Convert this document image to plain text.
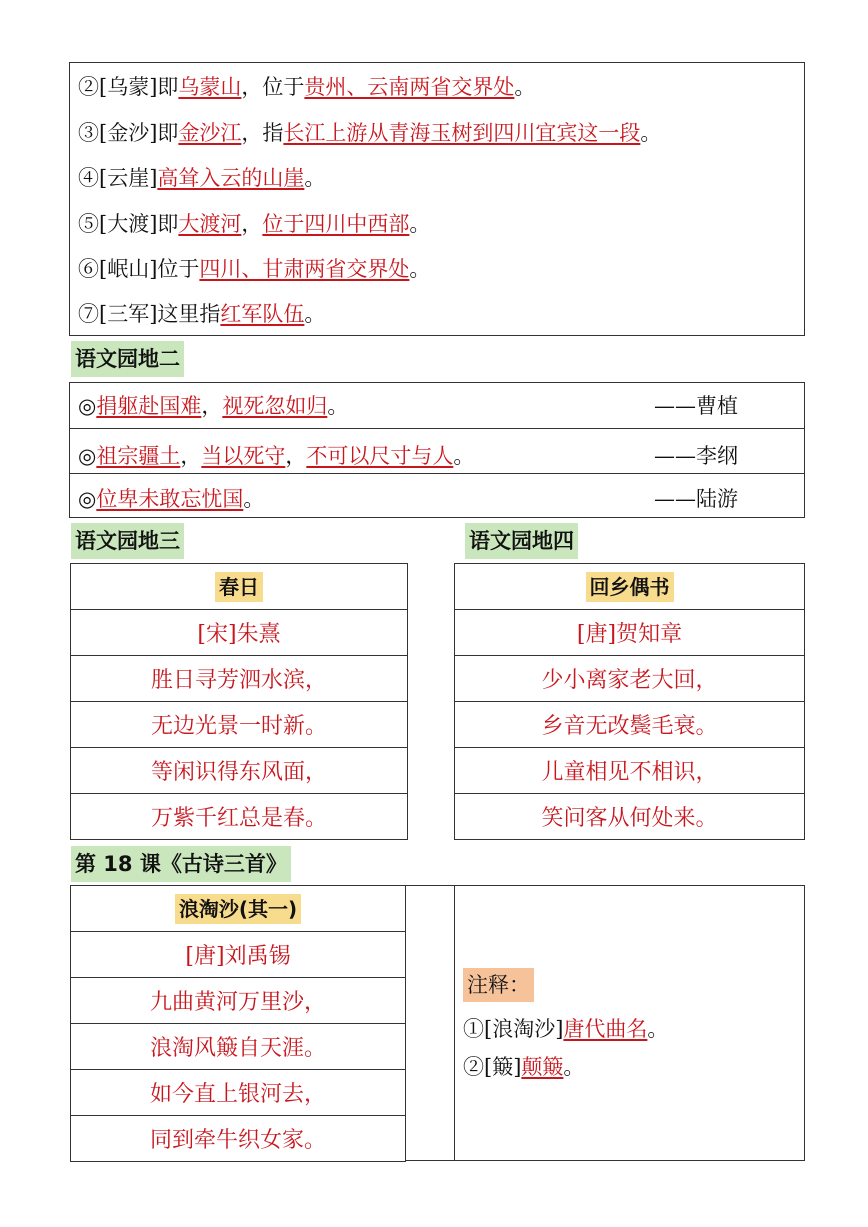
②[乌蒙]即乌蒙山，位于贵州、云南两省交界处。
③[金沙]即金沙江，指长江上游从青海玉树到四川宜宾这一段。
④[云崖]高耸入云的山崖。
⑤[大渡]即大渡河，位于四川中西部。
⑥[岷山]位于四川、甘肃两省交界处。
⑦[三军]这里指红军队伍。
语文园地二
◎捐躯赴国难，视死忽如归。	——曹植
◎祖宗疆土，当以死守，不可以尺寸与人。	——李纲
◎位卑未敢忘忧国。	——陆游
语文园地三	语文园地四
春日
[宋]朱熹
胜日寻芳泗水滨，
无边光景一时新。
等闲识得东风面，
万紫千红总是春。
回乡偶书
[唐]贺知章
少小离家老大回，
乡音无改鬓毛衰。
儿童相见不相识，
笑问客从何处来。
第 18 课《古诗三首》
浪淘沙(其一)
[唐]刘禹锡
九曲黄河万里沙，
浪淘风簸自天涯。
如今直上银河去，
同到牵牛织女家。
注释：
①[浪淘沙]唐代曲名。
②[簸]颠簸。
